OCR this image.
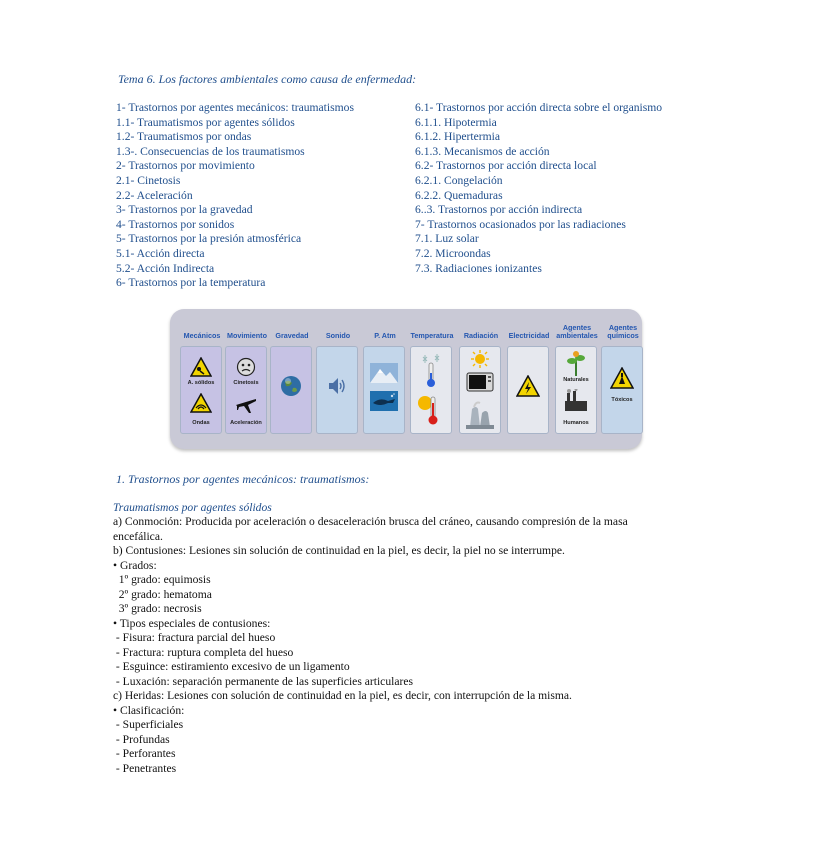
Tema 6. Los factores ambientales como causa de enfermedad:
1- Trastornos por agentes mecánicos: traumatismos
1.1- Traumatismos por agentes sólidos
1.2- Traumatismos por ondas
1.3-. Consecuencias de los traumatismos
2- Trastornos por movimiento
2.1- Cinetosis
2.2- Aceleración
3- Trastornos por la gravedad
4- Trastornos por sonidos
5- Trastornos por la presión atmosférica
5.1- Acción directa
5.2- Acción Indirecta
6- Trastornos por la temperatura
6.1- Trastornos por acción directa sobre el organismo
6.1.1. Hipotermia
6.1.2. Hipertermia
6.1.3. Mecanismos de acción
6.2- Trastornos por acción directa local
6.2.1. Congelación
6.2.2. Quemaduras
6..3. Trastornos por acción indirecta
7- Trastornos ocasionados por las radiaciones
7.1. Luz solar
7.2. Microondas
7.3. Radiaciones ionizantes
Mecánicos
A. sólidos
Ondas
Movimiento
Cinetosis
Aceleración
Gravedad	Sonido	P. Atm	Temperatura	Radiación	Electricidad
Agentes ambientales
Naturales
Humanos
Agentes químicos
Tóxicos
1. Trastornos por agentes mecánicos: traumatismos:
Traumatismos por agentes sólidos
a) Conmoción: Producida por aceleración o desaceleración brusca del cráneo, causando compresión de la masa
encefálica.
b) Contusiones: Lesiones sin solución de continuidad en la piel, es decir, la piel no se interrumpe.
• Grados:
1º grado: equimosis
2º grado: hematoma
3º grado: necrosis
• Tipos especiales de contusiones:
- Fisura: fractura parcial del hueso
- Fractura: ruptura completa del hueso
- Esguince: estiramiento excesivo de un ligamento
- Luxación: separación permanente de las superficies articulares
c) Heridas: Lesiones con solución de continuidad en la piel, es decir, con interrupción de la misma.
• Clasificación:
- Superficiales
- Profundas
- Perforantes
- Penetrantes
